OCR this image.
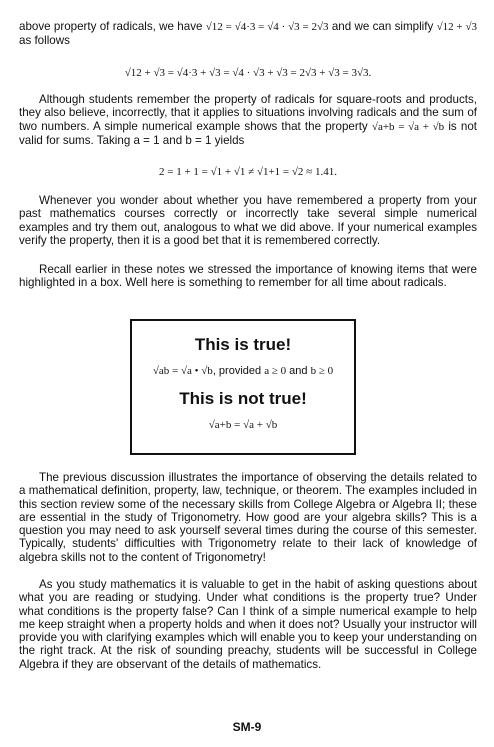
above property of radicals, we have √12 = √4·3 = √4 · √3 = 2√3 and we can simplify √12 + √3 as follows
√12 + √3 = √4·3 + √3 = √4 · √3 + √3 = 2√3 + √3 = 3√3.
Although students remember the property of radicals for square-roots and products, they also believe, incorrectly, that it applies to situations involving radicals and the sum of two numbers. A simple numerical example shows that the property √a+b = √a + √b is not valid for sums. Taking a = 1 and b = 1 yields
2 = 1 + 1 = √1 + √1 ≠ √1+1 = √2 ≈ 1.41.
Whenever you wonder about whether you have remembered a property from your past mathematics courses correctly or incorrectly take several simple numerical examples and try them out, analogous to what we did above. If your numerical examples verify the property, then it is a good bet that it is remembered correctly.
Recall earlier in these notes we stressed the importance of knowing items that were highlighted in a box. Well here is something to remember for all time about radicals.
This is true!
√ab = √a • √b, provided a ≥ 0 and b ≥ 0
This is not true!
√a+b = √a + √b
The previous discussion illustrates the importance of observing the details related to a mathematical definition, property, law, technique, or theorem. The examples included in this section review some of the necessary skills from College Algebra or Algebra II; these are essential in the study of Trigonometry. How good are your algebra skills? This is a question you may need to ask yourself several times during the course of this semester. Typically, students' difficulties with Trigonometry relate to their lack of knowledge of algebra skills not to the content of Trigonometry!
As you study mathematics it is valuable to get in the habit of asking questions about what you are reading or studying. Under what conditions is the property true? Under what conditions is the property false? Can I think of a simple numerical example to help me keep straight when a property holds and when it does not? Usually your instructor will provide you with clarifying examples which will enable you to keep your understanding on the right track. At the risk of sounding preachy, students will be successful in College Algebra if they are observant of the details of mathematics.
SM-9
